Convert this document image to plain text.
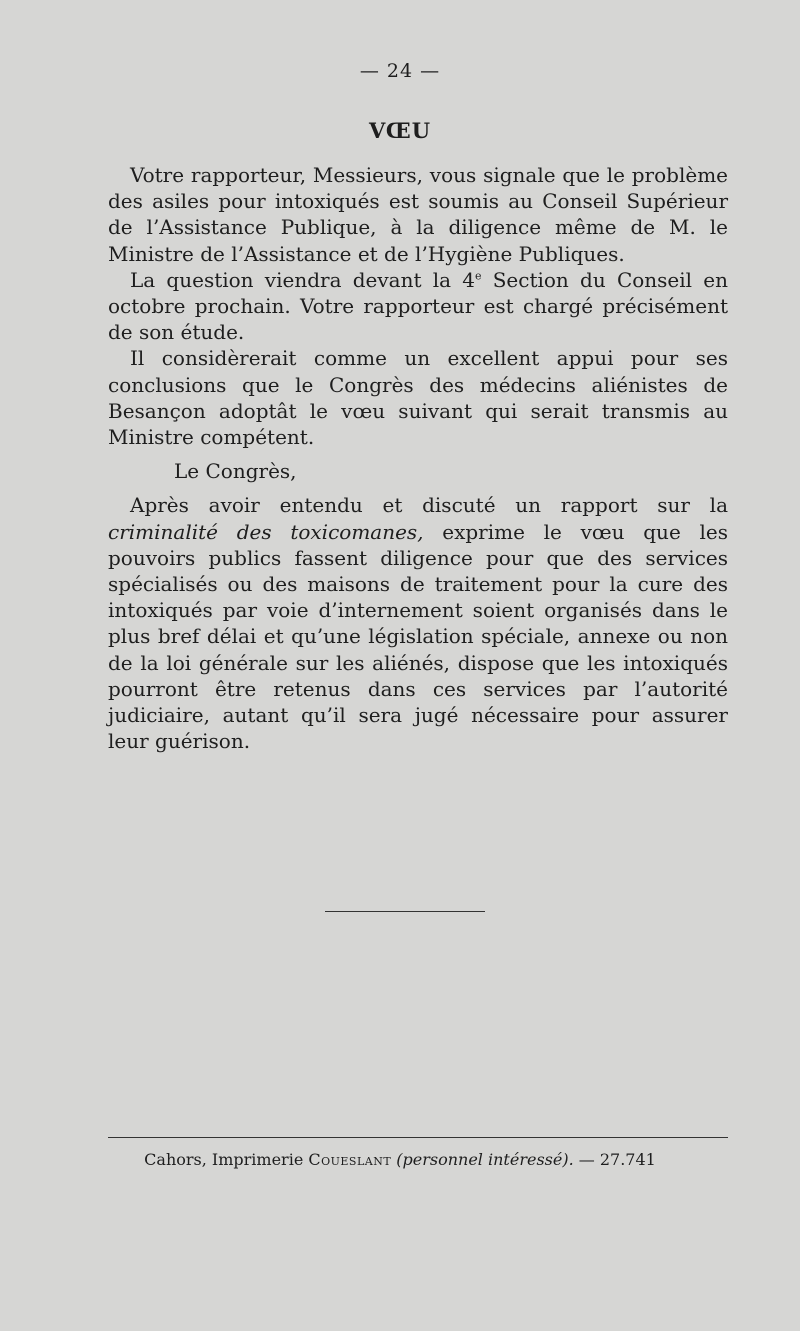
— 24 —
VŒU

Votre rapporteur, Messieurs, vous signale que le problème des asiles pour intoxiqués est soumis au Conseil Supérieur de l’Assistance Publique, à la diligence même de M. le Ministre de l’Assistance et de l’Hygiène Publiques.

La question viendra devant la 4e Section du Conseil en octobre prochain. Votre rapporteur est chargé précisément de son étude.

Il considèrerait comme un excellent appui pour ses conclusions que le Congrès des médecins aliénistes de Besançon adoptât le vœu suivant qui serait transmis au Ministre compétent.

Le Congrès,

Après avoir entendu et discuté un rapport sur la criminalité des toxicomanes, exprime le vœu que les pouvoirs publics fassent diligence pour que des services spécialisés ou des maisons de traitement pour la cure des intoxiqués par voie d’internement soient organisés dans le plus bref délai et qu’une législation spéciale, annexe ou non de la loi générale sur les aliénés, dispose que les intoxiqués pourront être retenus dans ces services par l’autorité judiciaire, autant qu’il sera jugé nécessaire pour assurer leur guérison.

Cahors, Imprimerie Coueslant (personnel intéressé). — 27.741
